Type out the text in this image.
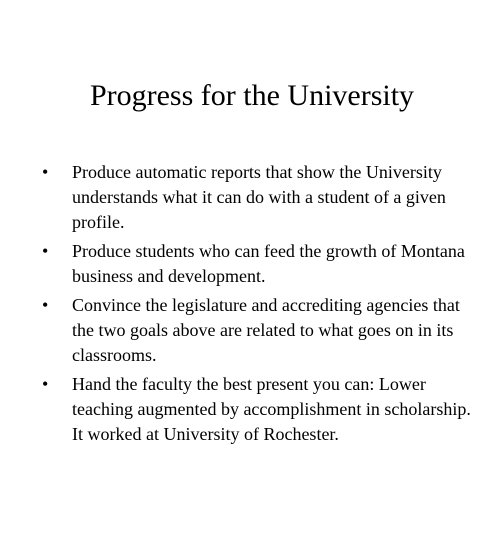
Progress for the University
•	Produce automatic reports that show the University understands what it can do with a student of a given profile.
•	Produce students who can feed the growth of Montana business and development.
•	Convince the legislature and accrediting agencies that the two goals above are related to what goes on in its classrooms.
•	Hand the faculty the best present you can: Lower teaching augmented by accomplishment in scholarship. It worked at University of Rochester.
